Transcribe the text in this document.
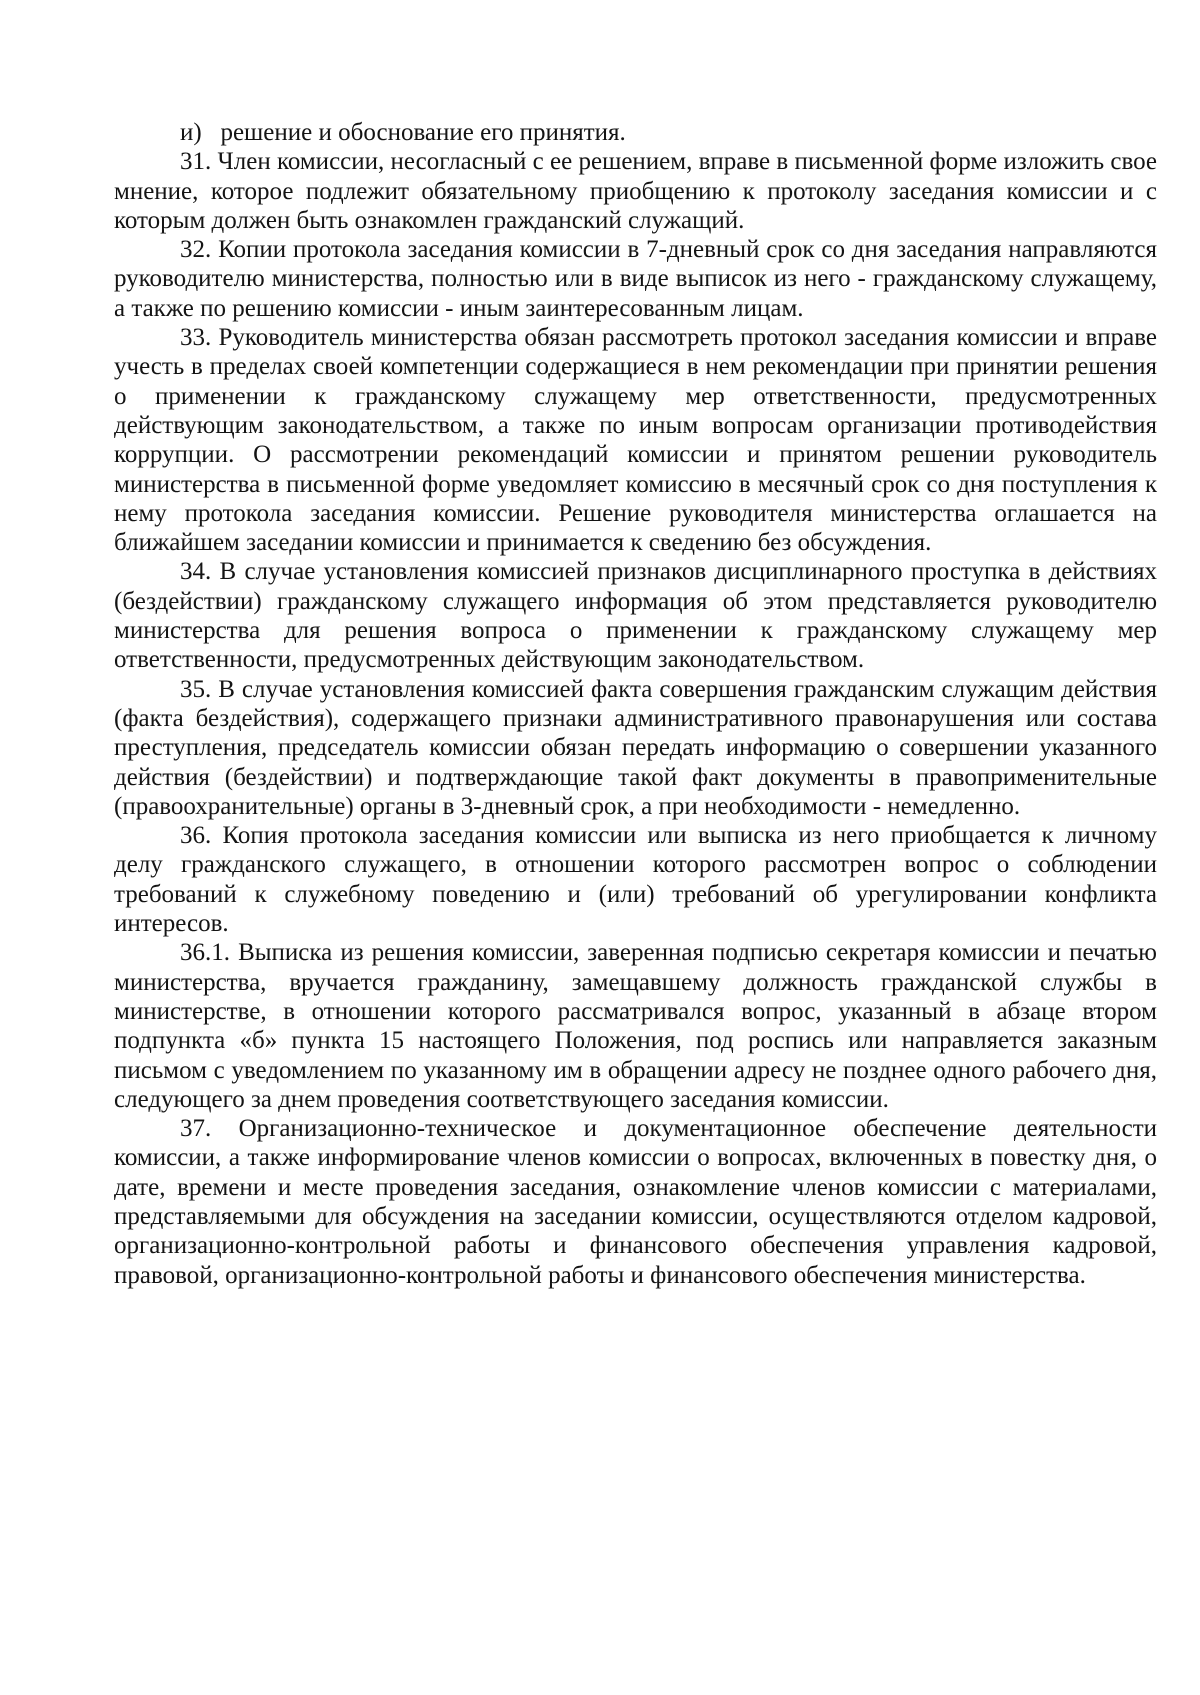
и)   решение и обоснование его принятия.

31. Член комиссии, несогласный с ее решением, вправе в письменной форме изложить свое мнение, которое подлежит обязательному приобщению к протоколу заседания комиссии и с которым должен быть ознакомлен гражданский служащий.

32. Копии протокола заседания комиссии в 7-дневный срок со дня заседания направляются руководителю министерства, полностью или в виде выписок из него - гражданскому служащему, а также по решению комиссии - иным заинтересованным лицам.

33. Руководитель министерства обязан рассмотреть протокол заседания комиссии и вправе учесть в пределах своей компетенции содержащиеся в нем рекомендации при принятии решения о применении к гражданскому служащему мер ответственности, предусмотренных действующим законодательством, а также по иным вопросам организации противодействия коррупции. О рассмотрении рекомендаций комиссии и принятом решении руководитель министерства в письменной форме уведомляет комиссию в месячный срок со дня поступления к нему протокола заседания комиссии. Решение руководителя министерства оглашается на ближайшем заседании комиссии и принимается к сведению без обсуждения.

34. В случае установления комиссией признаков дисциплинарного проступка в действиях (бездействии) гражданскому служащего информация об этом представляется руководителю министерства для решения вопроса о применении к гражданскому служащему мер ответственности, предусмотренных действующим законодательством.

35. В случае установления комиссией факта совершения гражданским служащим действия (факта бездействия), содержащего признаки административного правонарушения или состава преступления, председатель комиссии обязан передать информацию о совершении указанного действия (бездействии) и подтверждающие такой факт документы в правоприменительные (правоохранительные) органы в 3-дневный срок, а при необходимости - немедленно.

36. Копия протокола заседания комиссии или выписка из него приобщается к личному делу гражданского служащего, в отношении которого рассмотрен вопрос о соблюдении требований к служебному поведению и (или) требований об урегулировании конфликта интересов.

36.1. Выписка из решения комиссии, заверенная подписью секретаря комиссии и печатью министерства, вручается гражданину, замещавшему должность гражданской службы в министерстве, в отношении которого рассматривался вопрос, указанный в абзаце втором подпункта «б» пункта 15 настоящего Положения, под роспись или направляется заказным письмом с уведомлением по указанному им в обращении адресу не позднее одного рабочего дня, следующего за днем проведения соответствующего заседания комиссии.

37. Организационно-техническое и документационное обеспечение деятельности комиссии, а также информирование членов комиссии о вопросах, включенных в повестку дня, о дате, времени и месте проведения заседания, ознакомление членов комиссии с материалами, представляемыми для обсуждения на заседании комиссии, осуществляются отделом кадровой, организационно-контрольной работы и финансового обеспечения управления кадровой, правовой, организационно-контрольной работы и финансового обеспечения министерства.
